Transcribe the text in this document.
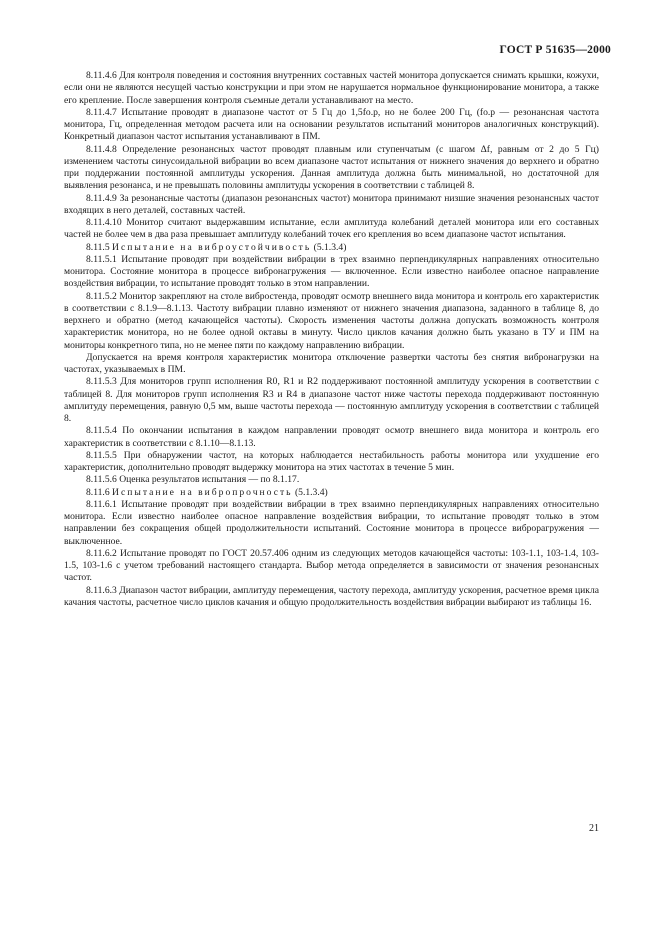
ГОСТ Р 51635—2000

8.11.4.6 Для контроля поведения и состояния внутренних составных частей монитора допускается снимать крышки, кожухи, если они не являются несущей частью конструкции и при этом не нарушается нормальное функционирование монитора, а также его крепление. После завершения контроля съемные детали устанавливают на место.

8.11.4.7 Испытание проводят в диапазоне частот от 5 Гц до 1,5fо.р, но не более 200 Гц, (fо.р — резонансная частота монитора, Гц, определенная методом расчета или на основании результатов испытаний мониторов аналогичных конструкций). Конкретный диапазон частот испытания устанавливают в ПМ.

8.11.4.8 Определение резонансных частот проводят плавным или ступенчатым (с шагом Δf, равным от 2 до 5 Гц) изменением частоты синусоидальной вибрации во всем диапазоне частот испытания от нижнего значения до верхнего и обратно при поддержании постоянной амплитуды ускорения. Данная амплитуда должна быть минимальной, но достаточной для выявления резонанса, и не превышать половины амплитуды ускорения в соответствии с таблицей 8.

8.11.4.9 За резонансные частоты (диапазон резонансных частот) монитора принимают низшие значения резонансных частот входящих в него деталей, составных частей.

8.11.4.10 Монитор считают выдержавшим испытание, если амплитуда колебаний деталей монитора или его составных частей не более чем в два раза превышает амплитуду колебаний точек его крепления во всем диапазоне частот испытания.

8.11.5 Испытание на виброустойчивость (5.1.3.4)

8.11.5.1 Испытание проводят при воздействии вибрации в трех взаимно перпендикулярных направлениях относительно монитора. Состояние монитора в процессе вибронагружения — включенное. Если известно наиболее опасное направление воздействия вибрации, то испытание проводят только в этом направлении.

8.11.5.2 Монитор закрепляют на столе вибростенда, проводят осмотр внешнего вида монитора и контроль его характеристик в соответствии с 8.1.9—8.1.13. Частоту вибрации плавно изменяют от нижнего значения диапазона, заданного в таблице 8, до верхнего и обратно (метод качающейся частоты). Скорость изменения частоты должна допускать возможность контроля характеристик монитора, но не более одной октавы в минуту. Число циклов качания должно быть указано в ТУ и ПМ на мониторы конкретного типа, но не менее пяти по каждому направлению вибрации.

Допускается на время контроля характеристик монитора отключение развертки частоты без снятия вибронагрузки на частотах, указываемых в ПМ.

8.11.5.3 Для мониторов групп исполнения R0, R1 и R2 поддерживают постоянной амплитуду ускорения в соответствии с таблицей 8. Для мониторов групп исполнения R3 и R4 в диапазоне частот ниже частоты перехода поддерживают постоянную амплитуду перемещения, равную 0,5 мм, выше частоты перехода — постоянную амплитуду ускорения в соответствии с таблицей 8.

8.11.5.4 По окончании испытания в каждом направлении проводят осмотр внешнего вида монитора и контроль его характеристик в соответствии с 8.1.10—8.1.13.

8.11.5.5 При обнаружении частот, на которых наблюдается нестабильность работы монитора или ухудшение его характеристик, дополнительно проводят выдержку монитора на этих частотах в течение 5 мин.

8.11.5.6 Оценка результатов испытания — по 8.1.17.

8.11.6 Испытание на вибропрочность (5.1.3.4)

8.11.6.1 Испытание проводят при воздействии вибрации в трех взаимно перпендикулярных направлениях относительно монитора. Если известно наиболее опасное направление воздействия вибрации, то испытание проводят только в этом направлении без сокращения общей продолжительности испытаний. Состояние монитора в процессе виброрагружения — выключенное.

8.11.6.2 Испытание проводят по ГОСТ 20.57.406 одним из следующих методов качающейся частоты: 103-1.1, 103-1.4, 103-1.5, 103-1.6 с учетом требований настоящего стандарта. Выбор метода определяется в зависимости от значения резонансных частот.

8.11.6.3 Диапазон частот вибрации, амплитуду перемещения, частоту перехода, амплитуду ускорения, расчетное время цикла качания частоты, расчетное число циклов качания и общую продолжительность воздействия вибрации выбирают из таблицы 16.

21
